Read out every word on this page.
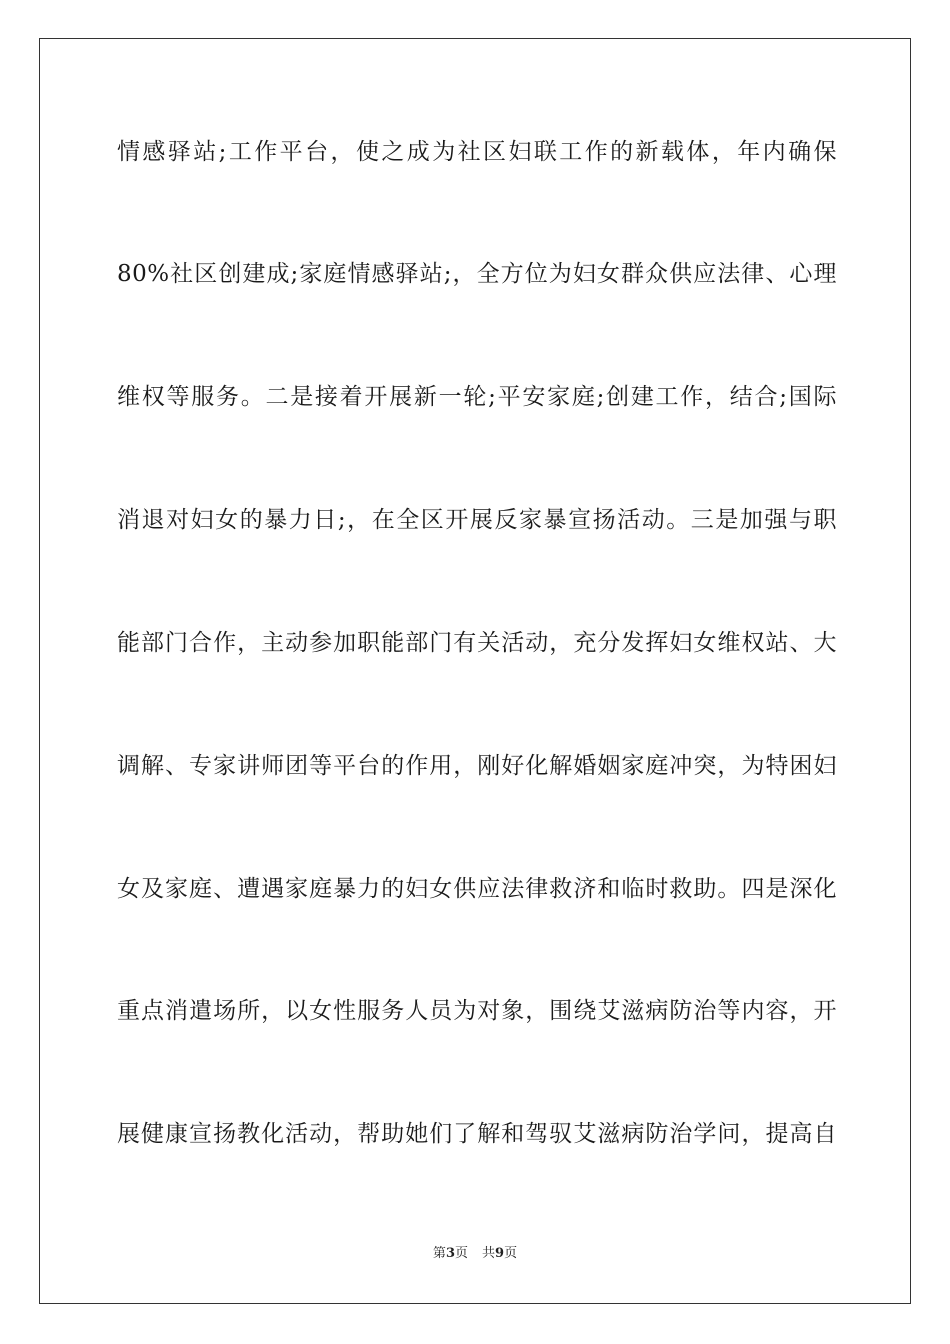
情感驿站;工作平台，使之成为社区妇联工作的新载体，年内确保
80%社区创建成;家庭情感驿站;，全方位为妇女群众供应法律、心理
维权等服务。二是接着开展新一轮;平安家庭;创建工作，结合;国际
消退对妇女的暴力日;，在全区开展反家暴宣扬活动。三是加强与职
能部门合作，主动参加职能部门有关活动，充分发挥妇女维权站、大
调解、专家讲师团等平台的作用，刚好化解婚姻家庭冲突，为特困妇
女及家庭、遭遇家庭暴力的妇女供应法律救济和临时救助。四是深化
重点消遣场所，以女性服务人员为对象，围绕艾滋病防治等内容，开
展健康宣扬教化活动，帮助她们了解和驾驭艾滋病防治学问，提高自
第3页 共9页
